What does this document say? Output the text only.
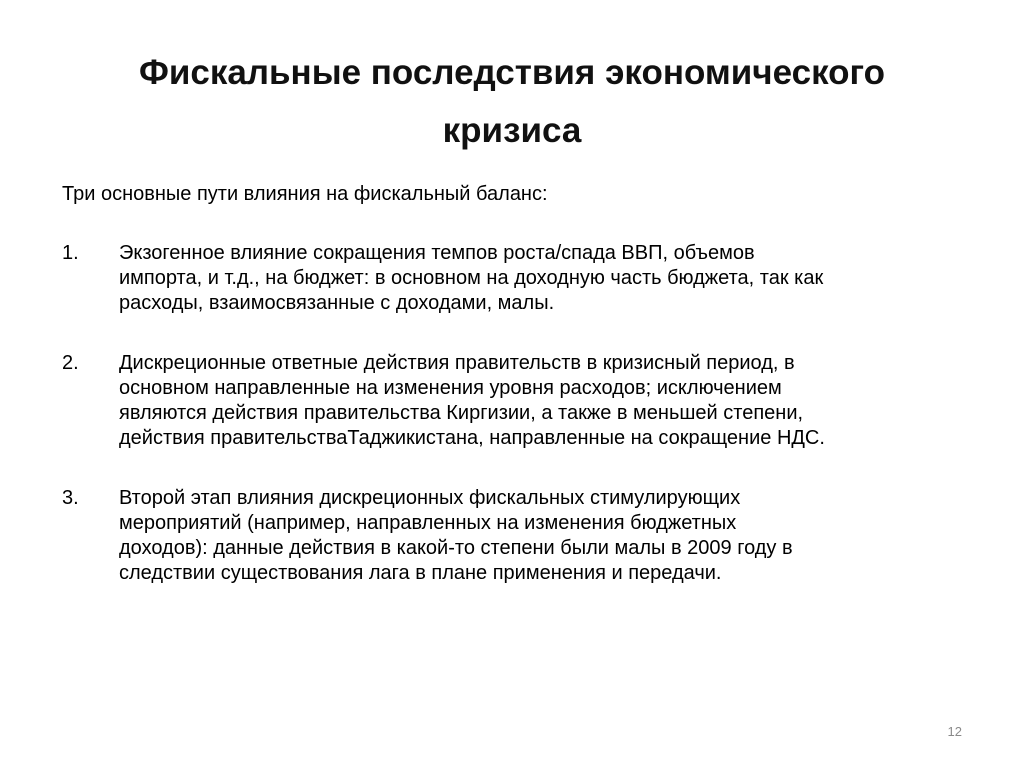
Фискальные последствия экономического
кризиса

Три основные пути влияния на фискальный баланс:

1.	Экзогенное влияние сокращения темпов роста/спада ВВП, объемов
импорта, и т.д., на бюджет: в основном на доходную часть бюджета, так как
расходы, взаимосвязанные с доходами, малы.
2.	Дискреционные ответные действия правительств в кризисный период, в
основном направленные на изменения уровня расходов; исключением
являются действия правительства Киргизии, а также в меньшей степени,
действия правительстваТаджикистана, направленные на сокращение НДС.
3.	Второй этап влияния дискреционных фискальных стимулирующих
мероприятий (например, направленных на изменения бюджетных
доходов): данные действия в какой-то степени были малы в 2009 году в
следствии существования лага в плане применения и передачи.
12
